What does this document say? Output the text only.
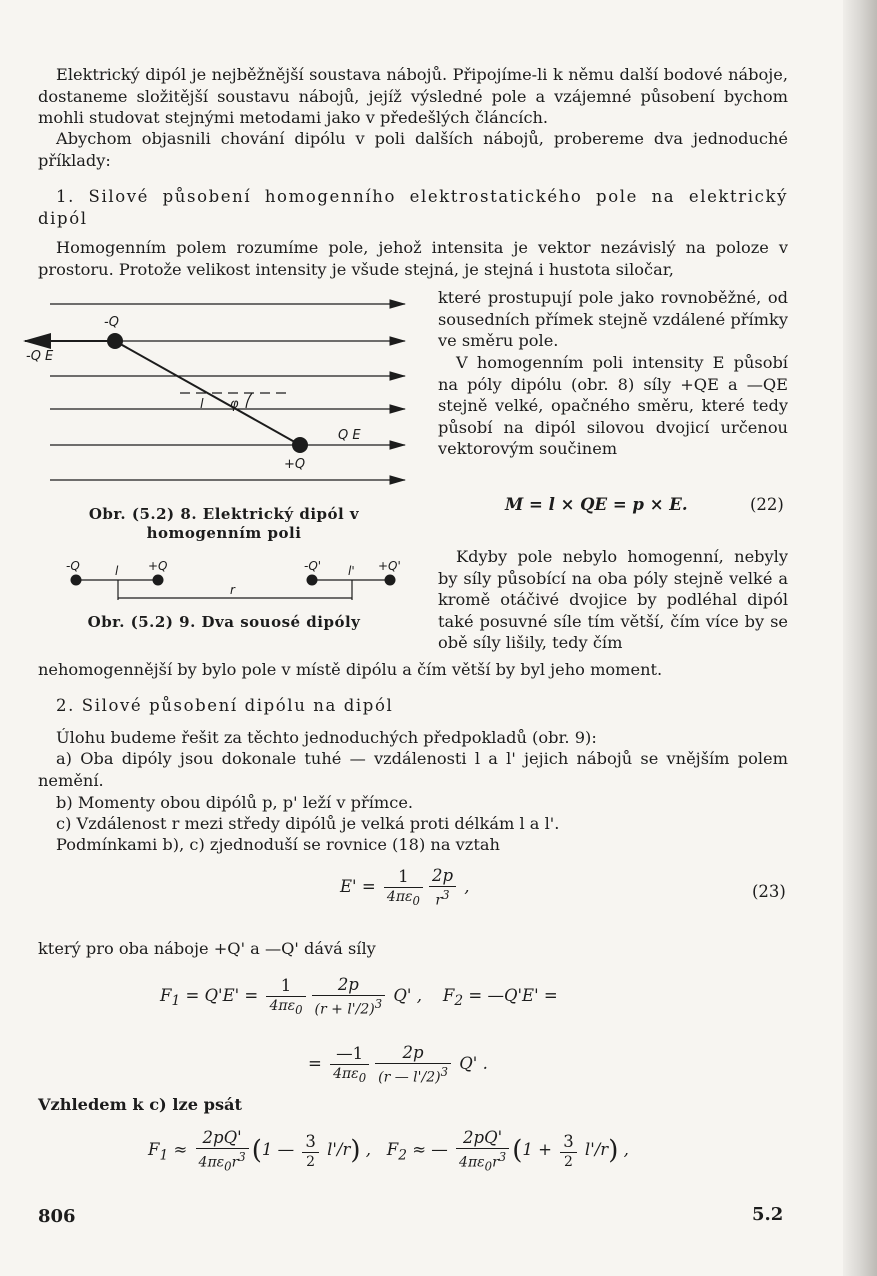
Elektrický dipól je nejběžnější soustava nábojů. Připojíme-li k němu další bodové náboje, dostaneme složitější soustavu nábojů, jejíž výsledné pole a vzájemné působení bychom mohli studovat stejnými metodami jako v předešlých článcích.

Abychom objasnili chování dipólu v poli dalších nábojů, probereme dva jednoduché příklady:

1. Silové působení homogenního elektrostatického pole na elektrický dipól

Homogenním polem rozumíme pole, jehož intensita je vektor nezávislý na poloze v prostoru. Protože velikost intensity je všude stejná, je stejná i hustota siločar,

které prostupují pole jako rovnoběžné, od sousedních přímek stejně vzdálené přímky ve směru pole.

V homogenním poli intensity E působí na póly dipólu (obr. 8) síly +QE a —QE stejně velké, opačného směru, které tedy působí na dipól silovou dvojicí určenou vektorovým součinem

M = l × QE = p × E.	(22)

Kdyby pole nebylo homogenní, nebyly by síly působící na oba póly stejně velké a kromě otáčivé dvojice by podléhal dipól také posuvné síle tím větší, čím více by se obě síly lišily, tedy čím

nehomogennější by bylo pole v místě dipólu a čím větší by byl jeho moment.

-Q
-Q E
l φ
Q E
+Q
Obr. (5.2) 8. Elektrický dipól v homogenním poli
-Q	l +Q
r
-Q' l' +Q'
Obr. (5.2) 9. Dva souosé dipóly

2. Silové působení dipólu na dipól

Úlohu budeme řešit za těchto jednoduchých předpokladů (obr. 9):

a) Oba dipóly jsou dokonale tuhé — vzdálenosti l a l' jejich nábojů se vnějším polem nemění.

b) Momenty obou dipólů p, p' leží v přímce.

c) Vzdálenost r mezi středy dipólů je velká proti délkám l a l'.

Podmínkami b), c) zjednoduší se rovnice (18) na vztah

$E' = \frac{1}{4\pi\varepsilon_0} \frac{2p}{r^3}$ ,	(23)

který pro oba náboje +Q' a —Q' dává síly

$F_1 = Q'E' = \frac{1}{4\pi\varepsilon_0} \frac{2p}{(r + l'/2)^3} Q'$ ,    $F_2$ = —Q'E' =
= $\frac{—1}{4\pi\varepsilon_0} \frac{2p}{(r — l'/2)^3} Q'$ .

Vzhledem k c) lze psát

$F_1 \approx \frac{2pQ'}{4\pi\varepsilon_0r^3} (1$ — $\frac{3}{2} l'/r$) ,   $F_2$ ≈ — $\frac{2pQ'}{4\pi\varepsilon_0r^3} (1 + \frac{3}{2} l'/r)$ ,
806	5.2
